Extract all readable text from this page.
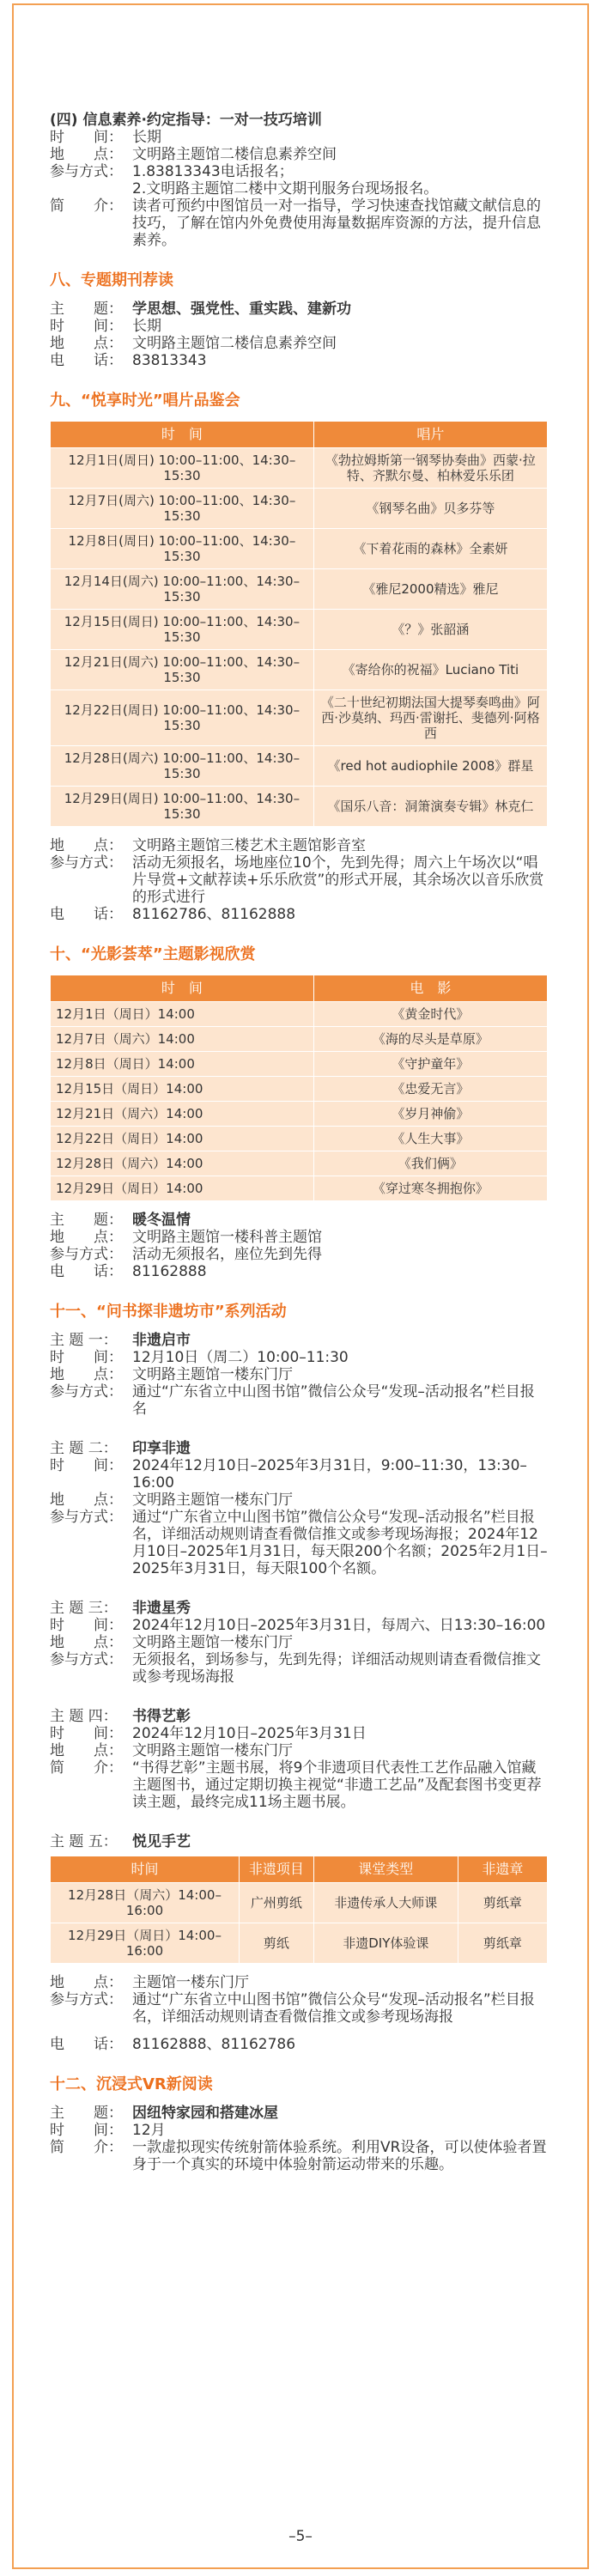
(四) 信息素养·约定指导：一对一技巧培训

时　　间： 长期
地　　点： 文明路主题馆二楼信息素养空间
参与方式： 1.83813343电话报名；
2.文明路主题馆二楼中文期刊服务台现场报名。
简　　介： 读者可预约中图馆员一对一指导，学习快速查找馆藏文献信息的技巧，了解在馆内外免费使用海量数据库资源的方法，提升信息素养。

八、专题期刊荐读

主　　题： 学思想、强党性、重实践、建新功
时　　间： 长期
地　　点： 文明路主题馆二楼信息素养空间
电　　话： 83813343

九、“悦享时光”唱片品鉴会

时　间	唱片
12月1日(周日) 10:00–11:00、14:30–15:30	《勃拉姆斯第一钢琴协奏曲》西蒙·拉特、齐默尔曼、柏林爱乐乐团
12月7日(周六) 10:00–11:00、14:30–15:30	《钢琴名曲》贝多芬等
12月8日(周日) 10:00–11:00、14:30–15:30	《下着花雨的森林》全素妍
12月14日(周六) 10:00–11:00、14:30–15:30	《雅尼2000精选》雅尼
12月15日(周日) 10:00–11:00、14:30–15:30	《？》张韶涵
12月21日(周六) 10:00–11:00、14:30–15:30	《寄给你的祝福》Luciano Titi
12月22日(周日) 10:00–11:00、14:30–15:30	《二十世纪初期法国大提琴奏鸣曲》阿西·沙莫纳、玛西·雷谢托、斐德列·阿格西
12月28日(周六) 10:00–11:00、14:30–15:30	《red hot audiophile 2008》群星
12月29日(周日) 10:00–11:00、14:30–15:30	《国乐八音：洞箫演奏专辑》林克仁
地　　点： 文明路主题馆三楼艺术主题馆影音室
参与方式： 活动无须报名，场地座位10个，先到先得；周六上午场次以“唱片导赏+文献荐读+乐乐欣赏”的形式开展，其余场次以音乐欣赏的形式进行
电　　话： 81162786、81162888

十、“光影荟萃”主题影视欣赏

时　间	电　影
12月1日（周日）14:00	《黄金时代》
12月7日（周六）14:00	《海的尽头是草原》
12月8日（周日）14:00	《守护童年》
12月15日（周日）14:00	《忠爱无言》
12月21日（周六）14:00	《岁月神偷》
12月22日（周日）14:00	《人生大事》
12月28日（周六）14:00	《我们俩》
12月29日（周日）14:00	《穿过寒冬拥抱你》
主　　题： 暖冬温情
地　　点： 文明路主题馆一楼科普主题馆
参与方式： 活动无须报名，座位先到先得
电　　话： 81162888

十一、“问书探非遗坊市”系列活动

主 题 一：	非遗启市
时　　间： 12月10日（周二）10:00–11:30
地　　点： 文明路主题馆一楼东门厅
参与方式： 通过“广东省立中山图书馆”微信公众号“发现–活动报名”栏目报名
主 题 二：	印享非遗
时　　间： 2024年12月10日–2025年3月31日，9:00–11:30，13:30–16:00
地　　点： 文明路主题馆一楼东门厅
参与方式： 通过“广东省立中山图书馆”微信公众号“发现–活动报名”栏目报名，详细活动规则请查看微信推文或参考现场海报；2024年12月10日–2025年1月31日，每天限200个名额；2025年2月1日–2025年3月31日，每天限100个名额。
主 题 三：	非遗星秀
时　　间： 2024年12月10日–2025年3月31日，每周六、日13:30–16:00
地　　点： 文明路主题馆一楼东门厅
参与方式： 无须报名，到场参与，先到先得；详细活动规则请查看微信推文或参考现场海报
主 题 四：	书得艺彰
时　　间： 2024年12月10日–2025年3月31日
地　　点： 文明路主题馆一楼东门厅
简　　介： “书得艺彰”主题书展，将9个非遗项目代表性工艺作品融入馆藏主题图书，通过定期切换主视觉“非遗工艺品”及配套图书变更荐读主题，最终完成11场主题书展。
主 题 五：	悦见手艺
时间	非遗项目	课堂类型	非遗章
12月28日（周六）14:00–16:00	广州剪纸	非遗传承人大师课	剪纸章
12月29日（周日）14:00–16:00	剪纸	非遗DIY体验课	剪纸章
地　　点： 主题馆一楼东门厅
参与方式： 通过“广东省立中山图书馆”微信公众号“发现–活动报名”栏目报名，详细活动规则请查看微信推文或参考现场海报
电　　话： 81162888、81162786

十二、沉浸式VR新阅读

主　　题： 因纽特家园和搭建冰屋
时　　间： 12月
简　　介： 一款虚拟现实传统射箭体验系统。利用VR设备，可以使体验者置身于一个真实的环境中体验射箭运动带来的乐趣。
–5–
